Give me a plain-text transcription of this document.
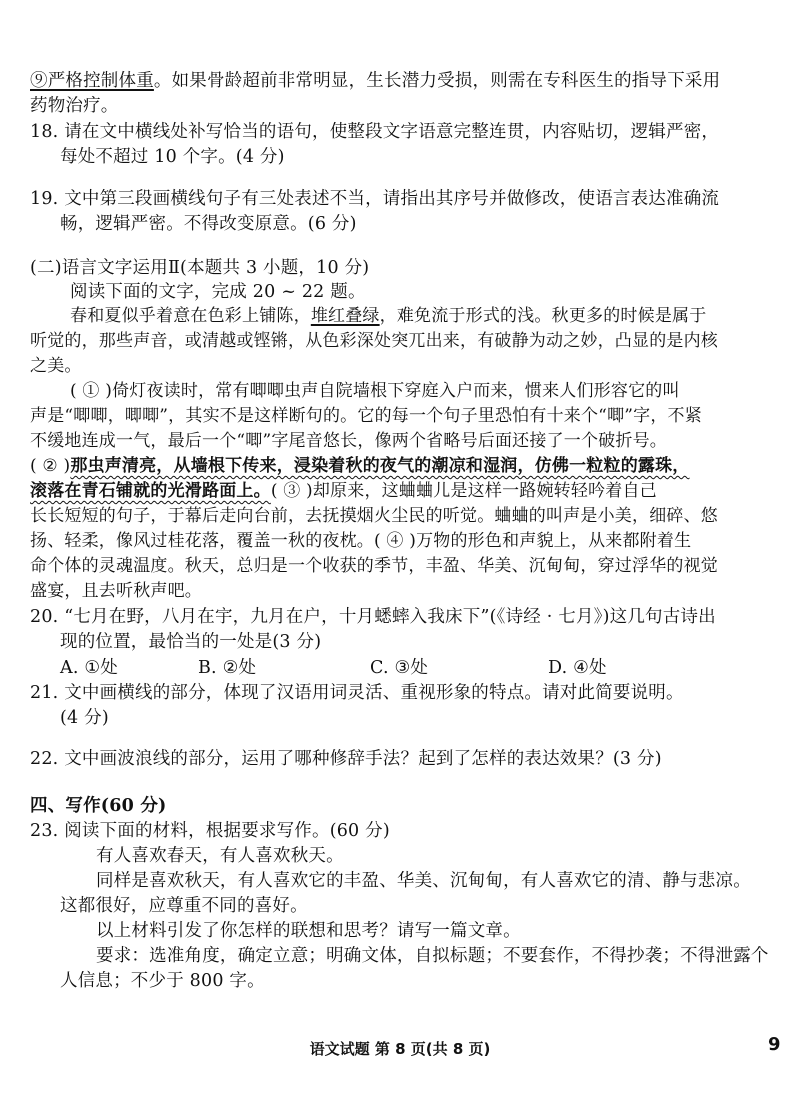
⑨严格控制体重。如果骨龄超前非常明显，生长潜力受损，则需在专科医生的指导下采用
药物治疗。
18. 请在文中横线处补写恰当的语句，使整段文字语意完整连贯，内容贴切，逻辑严密，
每处不超过 10 个字。(4 分)
19. 文中第三段画横线句子有三处表述不当，请指出其序号并做修改，使语言表达准确流
畅，逻辑严密。不得改变原意。(6 分)
(二)语言文字运用Ⅱ(本题共 3 小题，10 分)
阅读下面的文字，完成 20 ~ 22 题。
春和夏似乎着意在色彩上铺陈，堆红叠绿，难免流于形式的浅。秋更多的时候是属于
听觉的，那些声音，或清越或铿锵，从色彩深处突兀出来，有破静为动之妙，凸显的是内核
之美。
( ① )倚灯夜读时，常有唧唧虫声自院墙根下穿庭入户而来，惯来人们形容它的叫
声是“唧唧，唧唧”，其实不是这样断句的。它的每一个句子里恐怕有十来个“唧”字，不紧
不缓地连成一气，最后一个“唧”字尾音悠长，像两个省略号后面还接了一个破折号。
( ② )那虫声清亮，从墙根下传来，浸染着秋的夜气的潮凉和湿润，仿佛一粒粒的露珠，
滚落在青石铺就的光滑路面上。( ③ )却原来，这蛐蛐儿是这样一路婉转轻吟着自己
长长短短的句子，于幕后走向台前，去抚摸烟火尘民的听觉。蛐蛐的叫声是小美，细碎、悠
扬、轻柔，像风过桂花落，覆盖一秋的夜枕。( ④ )万物的形色和声貌上，从来都附着生
命个体的灵魂温度。秋天，总归是一个收获的季节，丰盈、华美、沉甸甸，穿过浮华的视觉
盛宴，且去听秋声吧。
20. “七月在野，八月在宇，九月在户，十月蟋蟀入我床下”(《诗经 · 七月》)这几句古诗出
现的位置，最恰当的一处是(3 分)
A. ①处	B. ②处	C. ③处	D. ④处
21. 文中画横线的部分，体现了汉语用词灵活、重视形象的特点。请对此简要说明。
(4 分)
22. 文中画波浪线的部分，运用了哪种修辞手法？起到了怎样的表达效果？(3 分)
四、写作(60 分)
23. 阅读下面的材料，根据要求写作。(60 分)
有人喜欢春天，有人喜欢秋天。
同样是喜欢秋天，有人喜欢它的丰盈、华美、沉甸甸，有人喜欢它的清、静与悲凉。
这都很好，应尊重不同的喜好。
以上材料引发了你怎样的联想和思考？请写一篇文章。
要求：选准角度，确定立意；明确文体，自拟标题；不要套作，不得抄袭；不得泄露个
人信息；不少于 800 字。
语文试题 第 8 页(共 8 页)	9
